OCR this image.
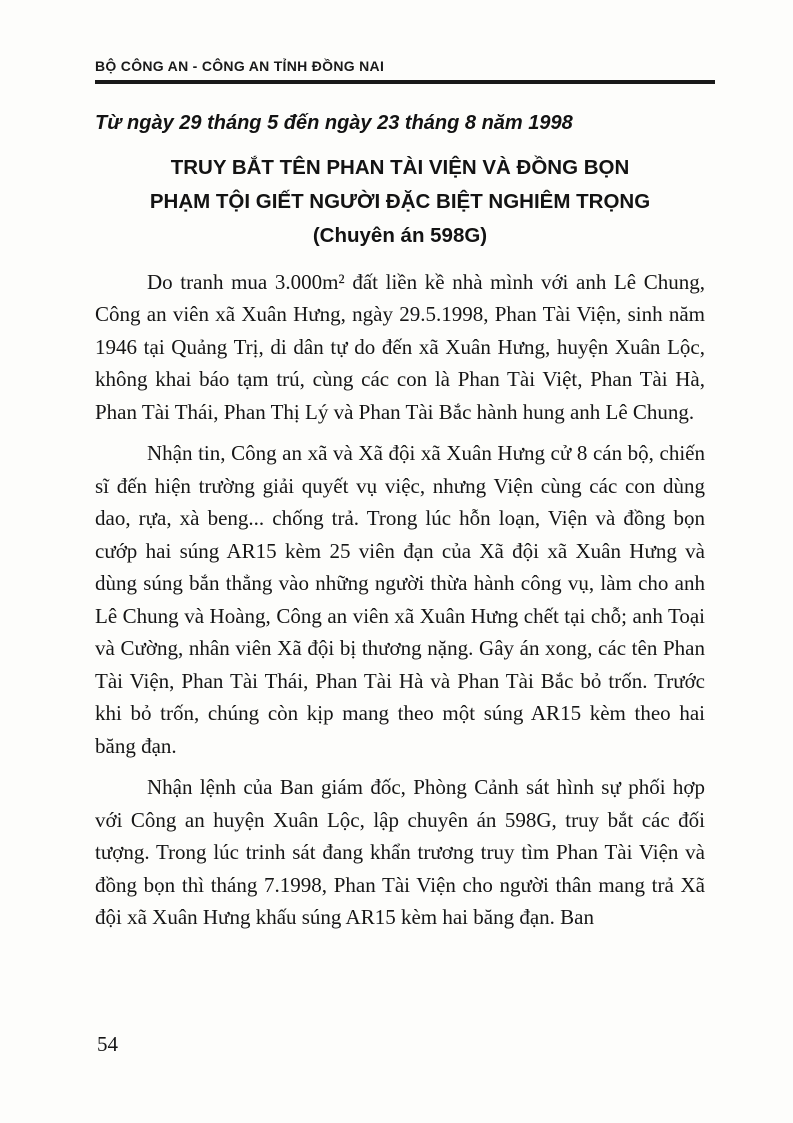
BỘ CÔNG AN - CÔNG AN TỈNH ĐỒNG NAI
Từ ngày 29 tháng 5 đến ngày 23 tháng 8 năm 1998
TRUY BẮT TÊN PHAN TÀI VIỆN VÀ ĐỒNG BỌN
PHẠM TỘI GIẾT NGƯỜI ĐẶC BIỆT NGHIÊM TRỌNG
(Chuyên án 598G)

Do tranh mua 3.000m² đất liền kề nhà mình với anh Lê Chung, Công an viên xã Xuân Hưng, ngày 29.5.1998, Phan Tài Viện, sinh năm 1946 tại Quảng Trị, di dân tự do đến xã Xuân Hưng, huyện Xuân Lộc, không khai báo tạm trú, cùng các con là Phan Tài Việt, Phan Tài Hà, Phan Tài Thái, Phan Thị Lý và Phan Tài Bắc hành hung anh Lê Chung.

Nhận tin, Công an xã và Xã đội xã Xuân Hưng cử 8 cán bộ, chiến sĩ đến hiện trường giải quyết vụ việc, nhưng Viện cùng các con dùng dao, rựa, xà beng... chống trả. Trong lúc hỗn loạn, Viện và đồng bọn cướp hai súng AR15 kèm 25 viên đạn của Xã đội xã Xuân Hưng và dùng súng bắn thẳng vào những người thừa hành công vụ, làm cho anh Lê Chung và Hoàng, Công an viên xã Xuân Hưng chết tại chỗ; anh Toại và Cường, nhân viên Xã đội bị thương nặng. Gây án xong, các tên Phan Tài Viện, Phan Tài Thái, Phan Tài Hà và Phan Tài Bắc bỏ trốn. Trước khi bỏ trốn, chúng còn kịp mang theo một súng AR15 kèm theo hai băng đạn.

Nhận lệnh của Ban giám đốc, Phòng Cảnh sát hình sự phối hợp với Công an huyện Xuân Lộc, lập chuyên án 598G, truy bắt các đối tượng. Trong lúc trinh sát đang khẩn trương truy tìm Phan Tài Viện và đồng bọn thì tháng 7.1998, Phan Tài Viện cho người thân mang trả Xã đội xã Xuân Hưng khấu súng AR15 kèm hai băng đạn. Ban

54
